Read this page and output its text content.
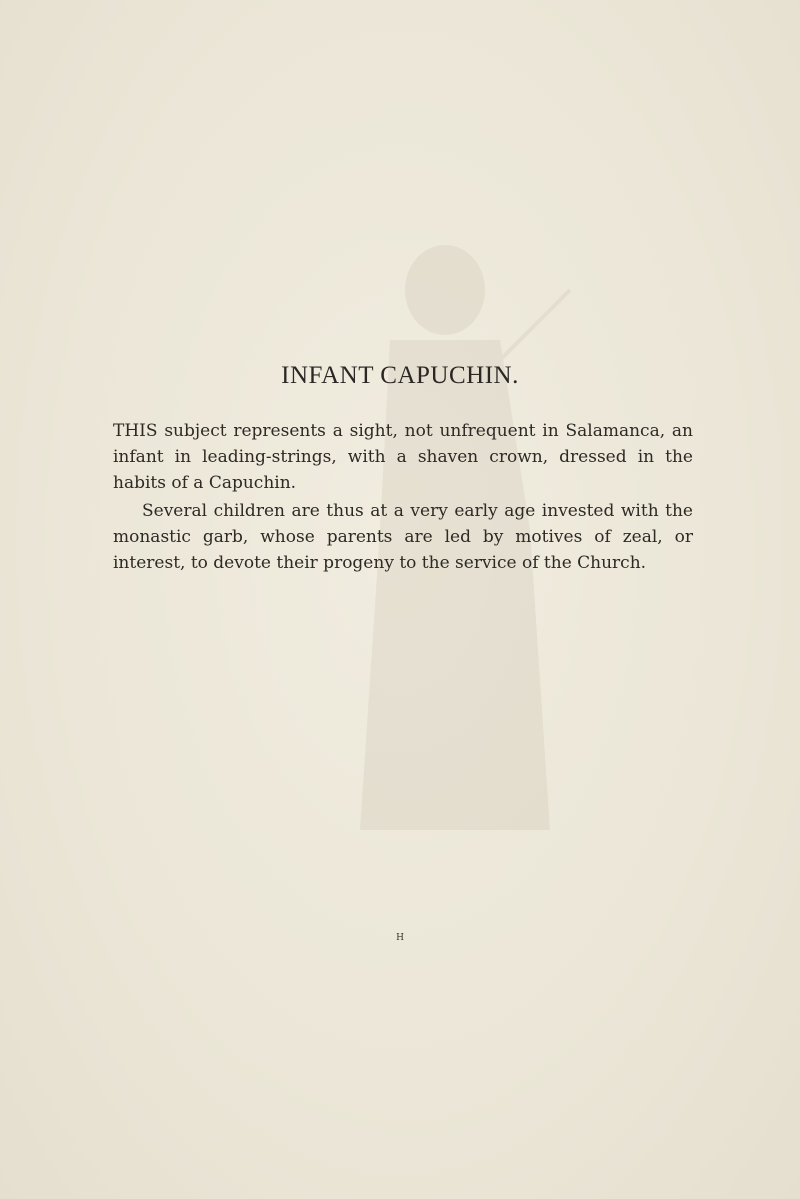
INFANT CAPUCHIN.

THIS subject represents a sight, not unfrequent in Salamanca, an infant in leading-strings, with a shaven crown, dressed in the habits of a Capuchin.

Several children are thus at a very early age invested with the monastic garb, whose parents are led by motives of zeal, or interest, to devote their progeny to the service of the Church.

H
